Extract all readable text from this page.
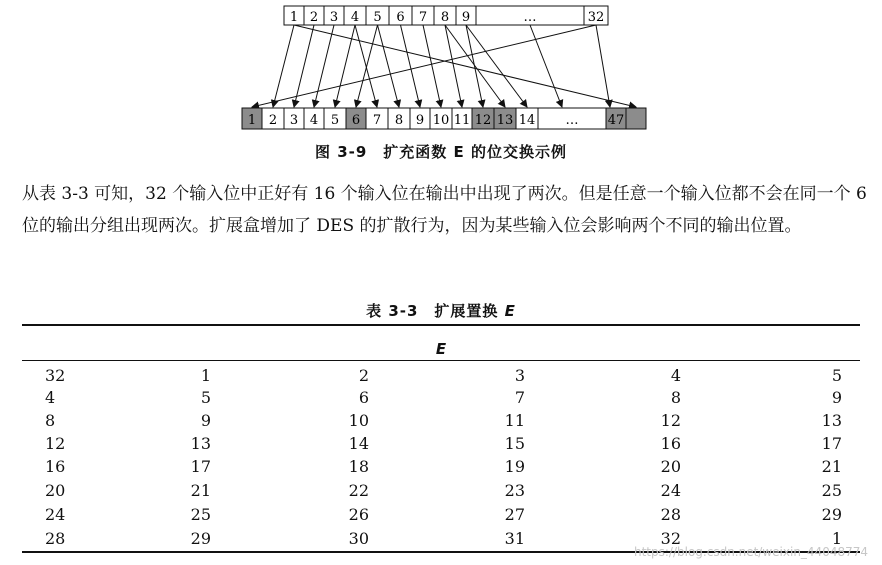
1 2 3 4 5 6 7 8 9	…	32
1 2 3 4 5 6 7 8 9 10 11 12 13 14 … 47
图 3-9　扩充函数 E 的位交换示例
从表 3-3 可知，32 个输入位中正好有 16 个输入位在输出中出现了两次。但是任意一个输入位都不会在同一个 6 位的输出分组出现两次。扩展盒增加了 DES 的扩散行为，因为某些输入位会影响两个不同的输出位置。
表 3-3　扩展置换 E
E
32	1	2	3	4	5
4	5	6	7	8	9
8	9	10	11	12	13
12	13	14	15	16	17
16	17	18	19	20	21
20	21	22	23	24	25
24	25	26	27	28	29
28	29	30	31	32	1
https://blog.csdn.net/weixin_44048774
